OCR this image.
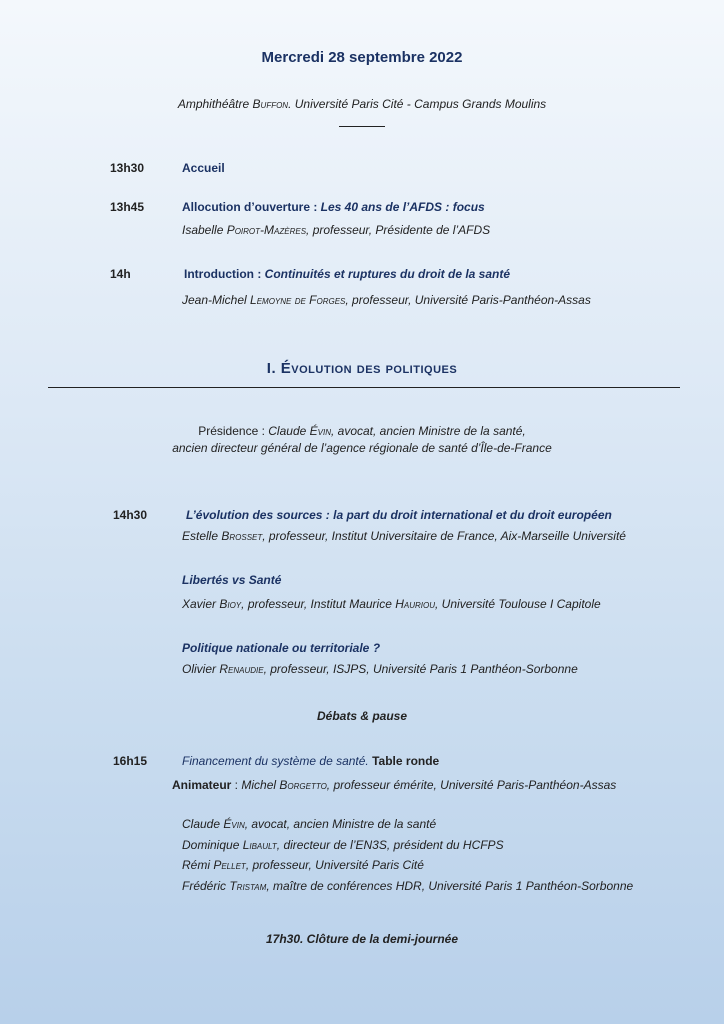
Mercredi 28 septembre 2022
Amphithéâtre Buffon. Université Paris Cité - Campus Grands Moulins
13h30	Accueil
13h45	Allocution d’ouverture : Les 40 ans de l’AFDS : focus
Isabelle Poirot-Mazères, professeur, Présidente de l’AFDS
14h	Introduction : Continuités et ruptures du droit de la santé
Jean-Michel Lemoyne de Forges, professeur, Université Paris-Panthéon-Assas
I. Évolution des politiques
Présidence : Claude Évin, avocat, ancien Ministre de la santé,
ancien directeur général de l’agence régionale de santé d’Île-de-France
14h30	L’évolution des sources : la part du droit international et du droit européen
Estelle Brosset, professeur, Institut Universitaire de France, Aix-Marseille Université
Libertés vs Santé
Xavier Bioy, professeur, Institut Maurice Hauriou, Université Toulouse I Capitole
Politique nationale ou territoriale ?
Olivier Renaudie, professeur, ISJPS, Université Paris 1 Panthéon-Sorbonne
Débats & pause
16h15	Financement du système de santé. Table ronde
Animateur : Michel Borgetto, professeur émérite, Université Paris-Panthéon-Assas
Claude Évin, avocat, ancien Ministre de la santé
Dominique Libault, directeur de l’EN3S, président du HCFPS
Rémi Pellet, professeur, Université Paris Cité
Frédéric Tristam, maître de conférences HDR, Université Paris 1 Panthéon-Sorbonne
17h30. Clôture de la demi-journée
